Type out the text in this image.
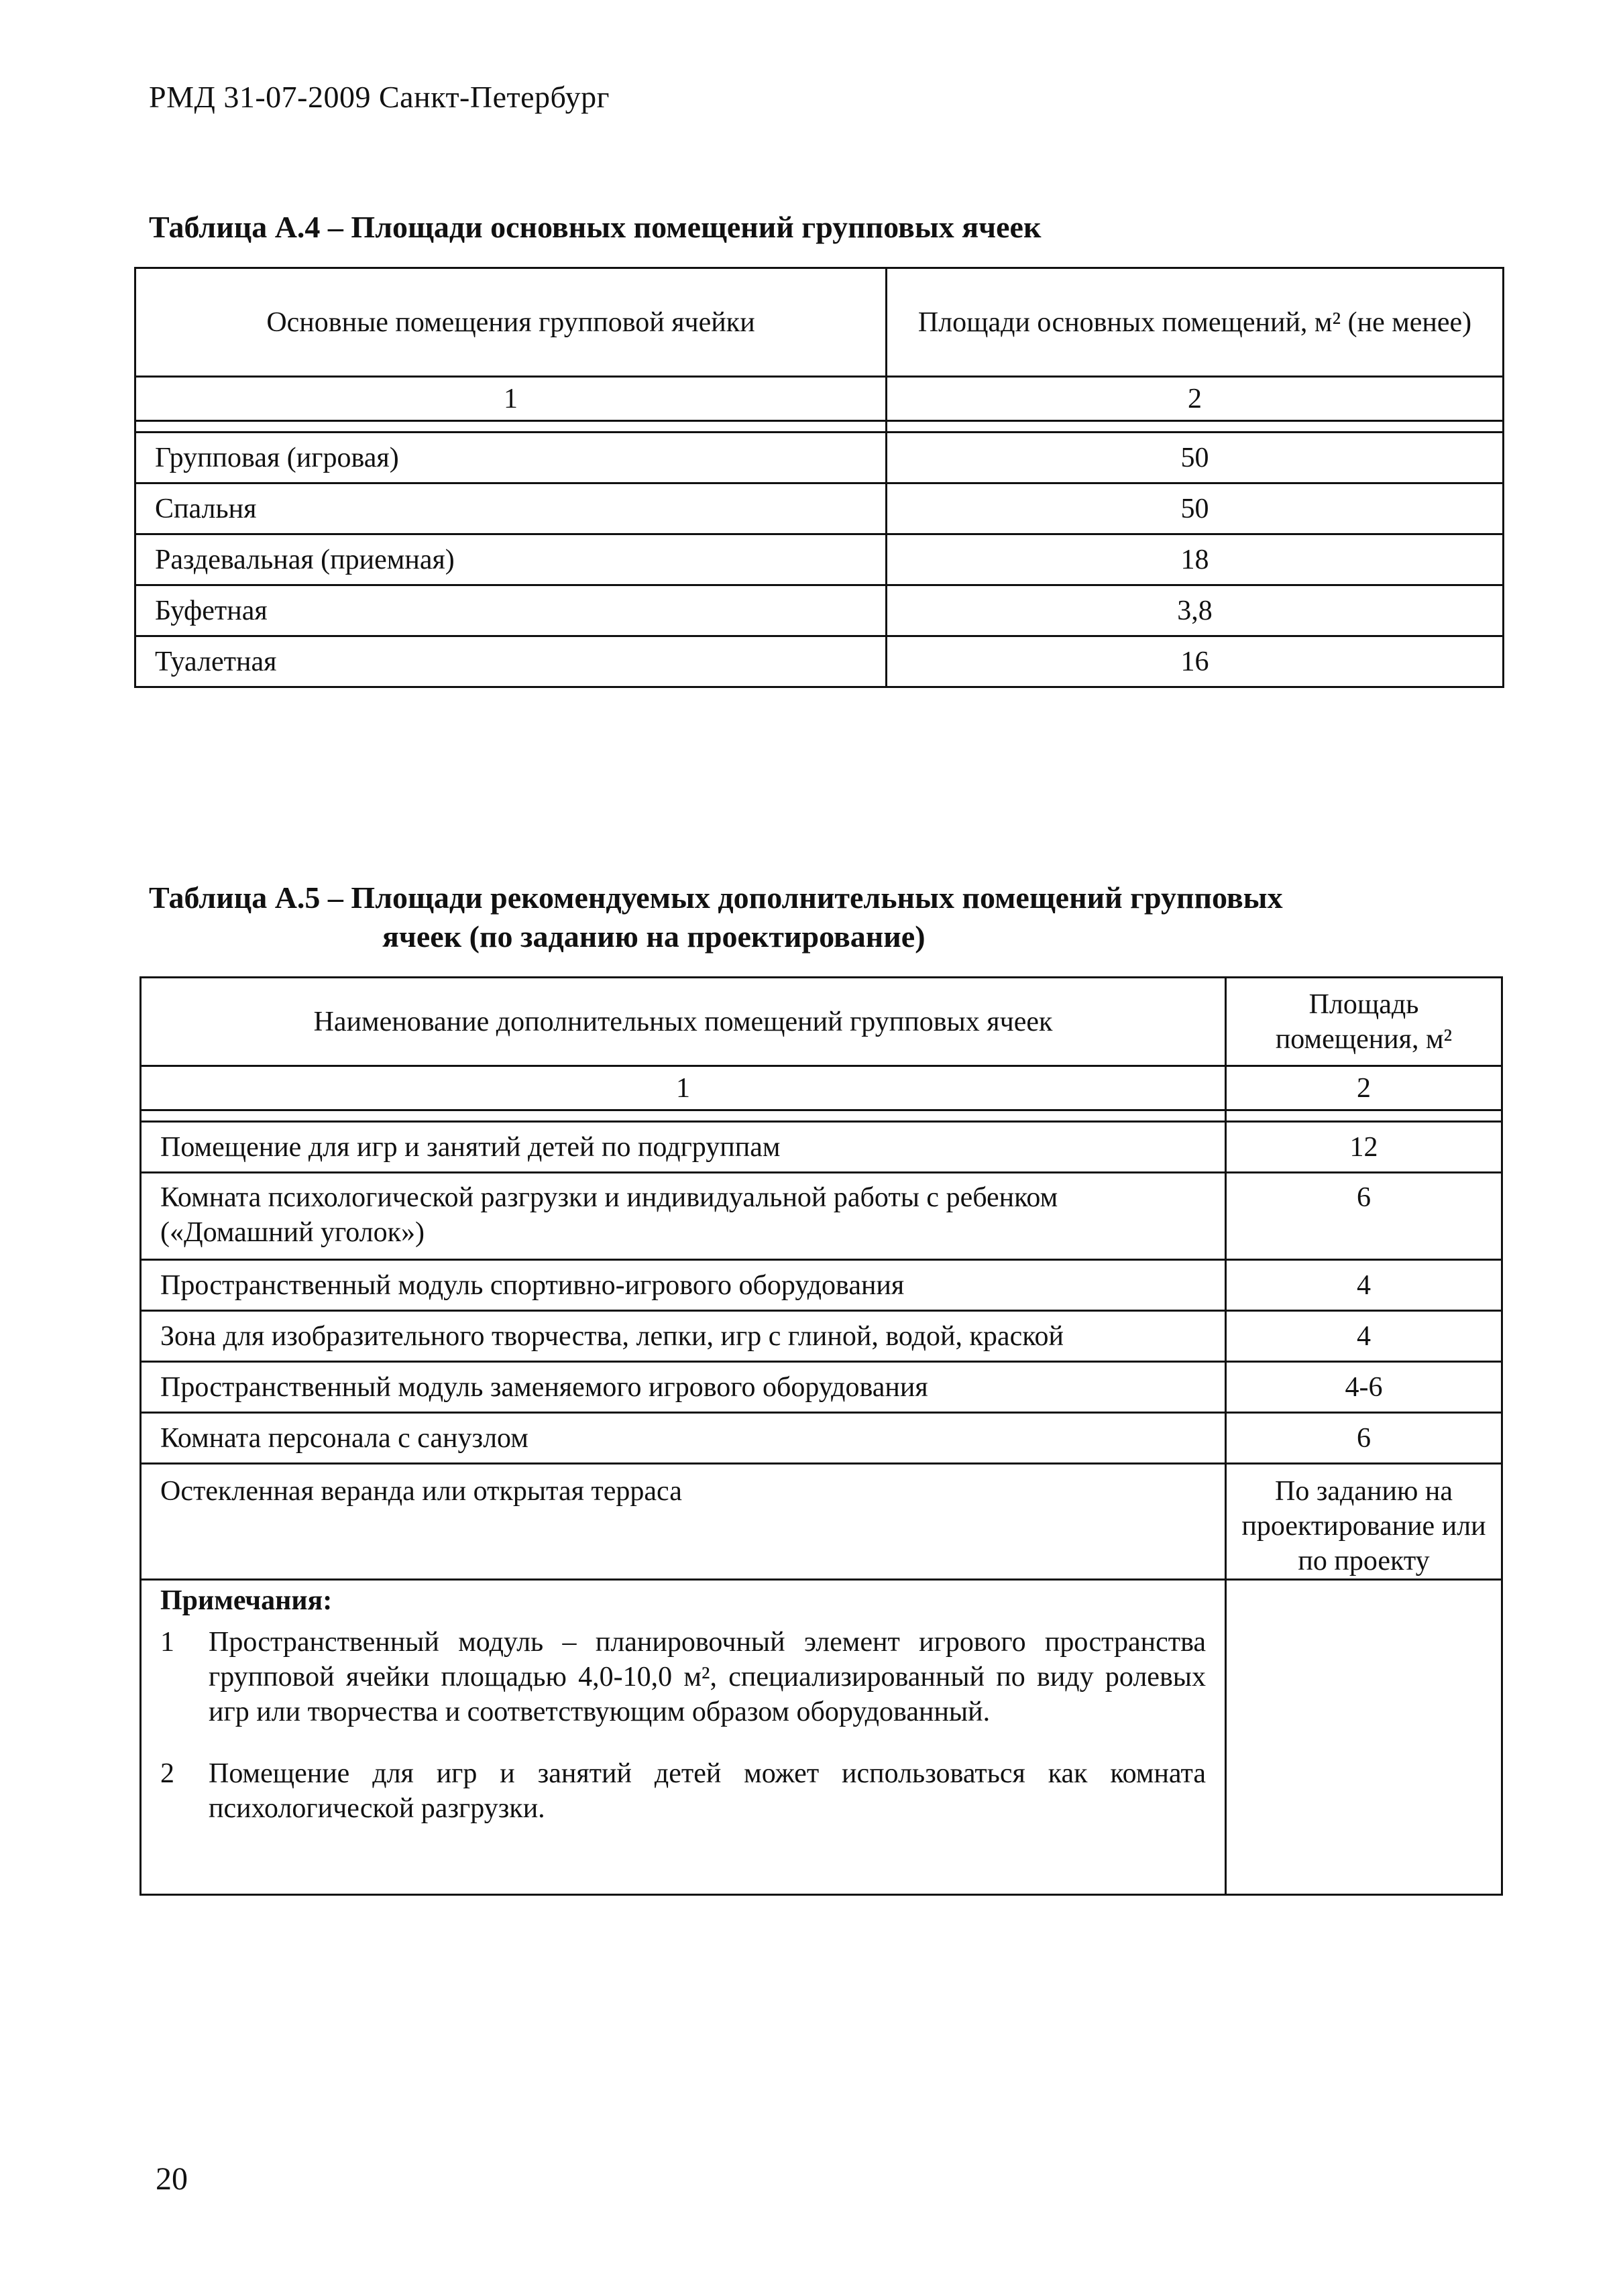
РМД 31-07-2009 Санкт-Петербург
Таблица А.4 – Площади основных помещений групповых ячеек
Основные помещения групповой ячейки	Площади основных помещений, м² (не менее)
1	2

Групповая (игровая)	50
Спальня	50
Раздевальная (приемная)	18
Буфетная	3,8
Туалетная	16
Таблица А.5 – Площади рекомендуемых дополнительных помещений групповых
ячеек (по заданию на проектирование)
Наименование дополнительных помещений групповых ячеек	Площадь помещения, м²
1	2

Помещение для игр и занятий детей по подгруппам	12
Комната психологической разгрузки и индивидуальной работы с ребенком («Домашний уголок»)	6
Пространственный модуль спортивно-игрового оборудования	4
Зона для изобразительного творчества, лепки, игр с глиной, водой, краской	4
Пространственный модуль заменяемого игрового оборудования	4-6
Комната персонала с санузлом	6
Остекленная веранда или открытая терраса	По заданию на проектирование или по проекту

Примечания:
1 Пространственный модуль – планировочный элемент игрового пространства групповой ячейки площадью 4,0-10,0 м², специализированный по виду ролевых игр или творчества и соответствующим образом оборудованный.
2 Помещение для игр и занятий детей может использоваться как комната психологической разгрузки.	

20
